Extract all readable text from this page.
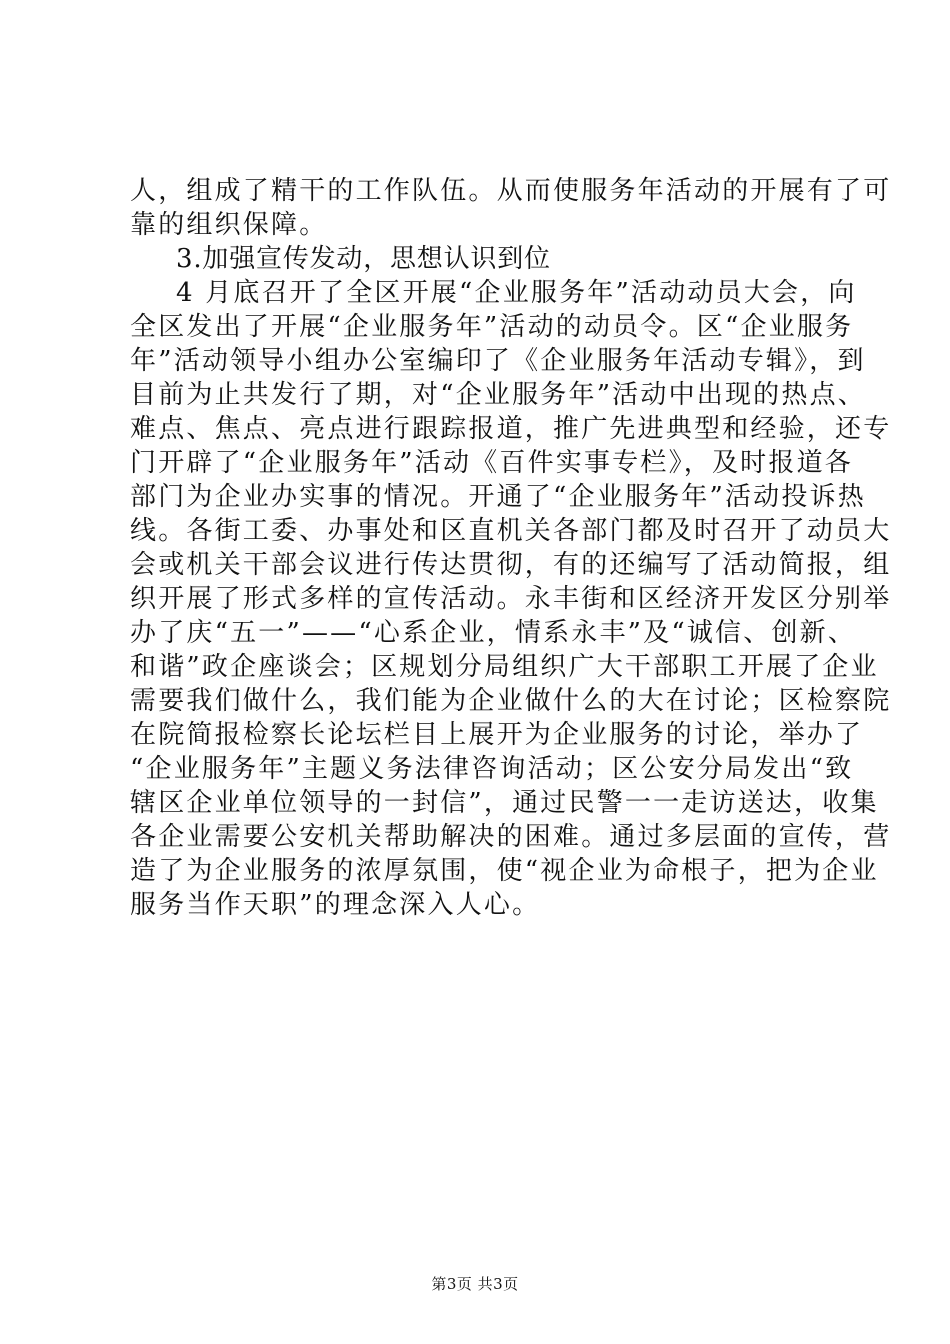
人，组成了精干的工作队伍。从而使服务年活动的开展有了可
靠的组织保障。
3.加强宣传发动，思想认识到位
4 月底召开了全区开展“企业服务年”活动动员大会，向
全区发出了开展“企业服务年”活动的动员令。区“企业服务
年”活动领导小组办公室编印了《企业服务年活动专辑》，到
目前为止共发行了期，对“企业服务年”活动中出现的热点、
难点、焦点、亮点进行跟踪报道，推广先进典型和经验，还专
门开辟了“企业服务年”活动《百件实事专栏》，及时报道各
部门为企业办实事的情况。开通了“企业服务年”活动投诉热
线。各街工委、办事处和区直机关各部门都及时召开了动员大
会或机关干部会议进行传达贯彻，有的还编写了活动简报，组
织开展了形式多样的宣传活动。永丰街和区经济开发区分别举
办了庆“五一”——“心系企业，情系永丰”及“诚信、创新、
和谐”政企座谈会；区规划分局组织广大干部职工开展了企业
需要我们做什么，我们能为企业做什么的大在讨论；区检察院
在院简报检察长论坛栏目上展开为企业服务的讨论，举办了
“企业服务年”主题义务法律咨询活动；区公安分局发出“致
辖区企业单位领导的一封信”，通过民警一一走访送达，收集
各企业需要公安机关帮助解决的困难。通过多层面的宣传，营
造了为企业服务的浓厚氛围，使“视企业为命根子，把为企业
服务当作天职”的理念深入人心。
第3页 共3页
